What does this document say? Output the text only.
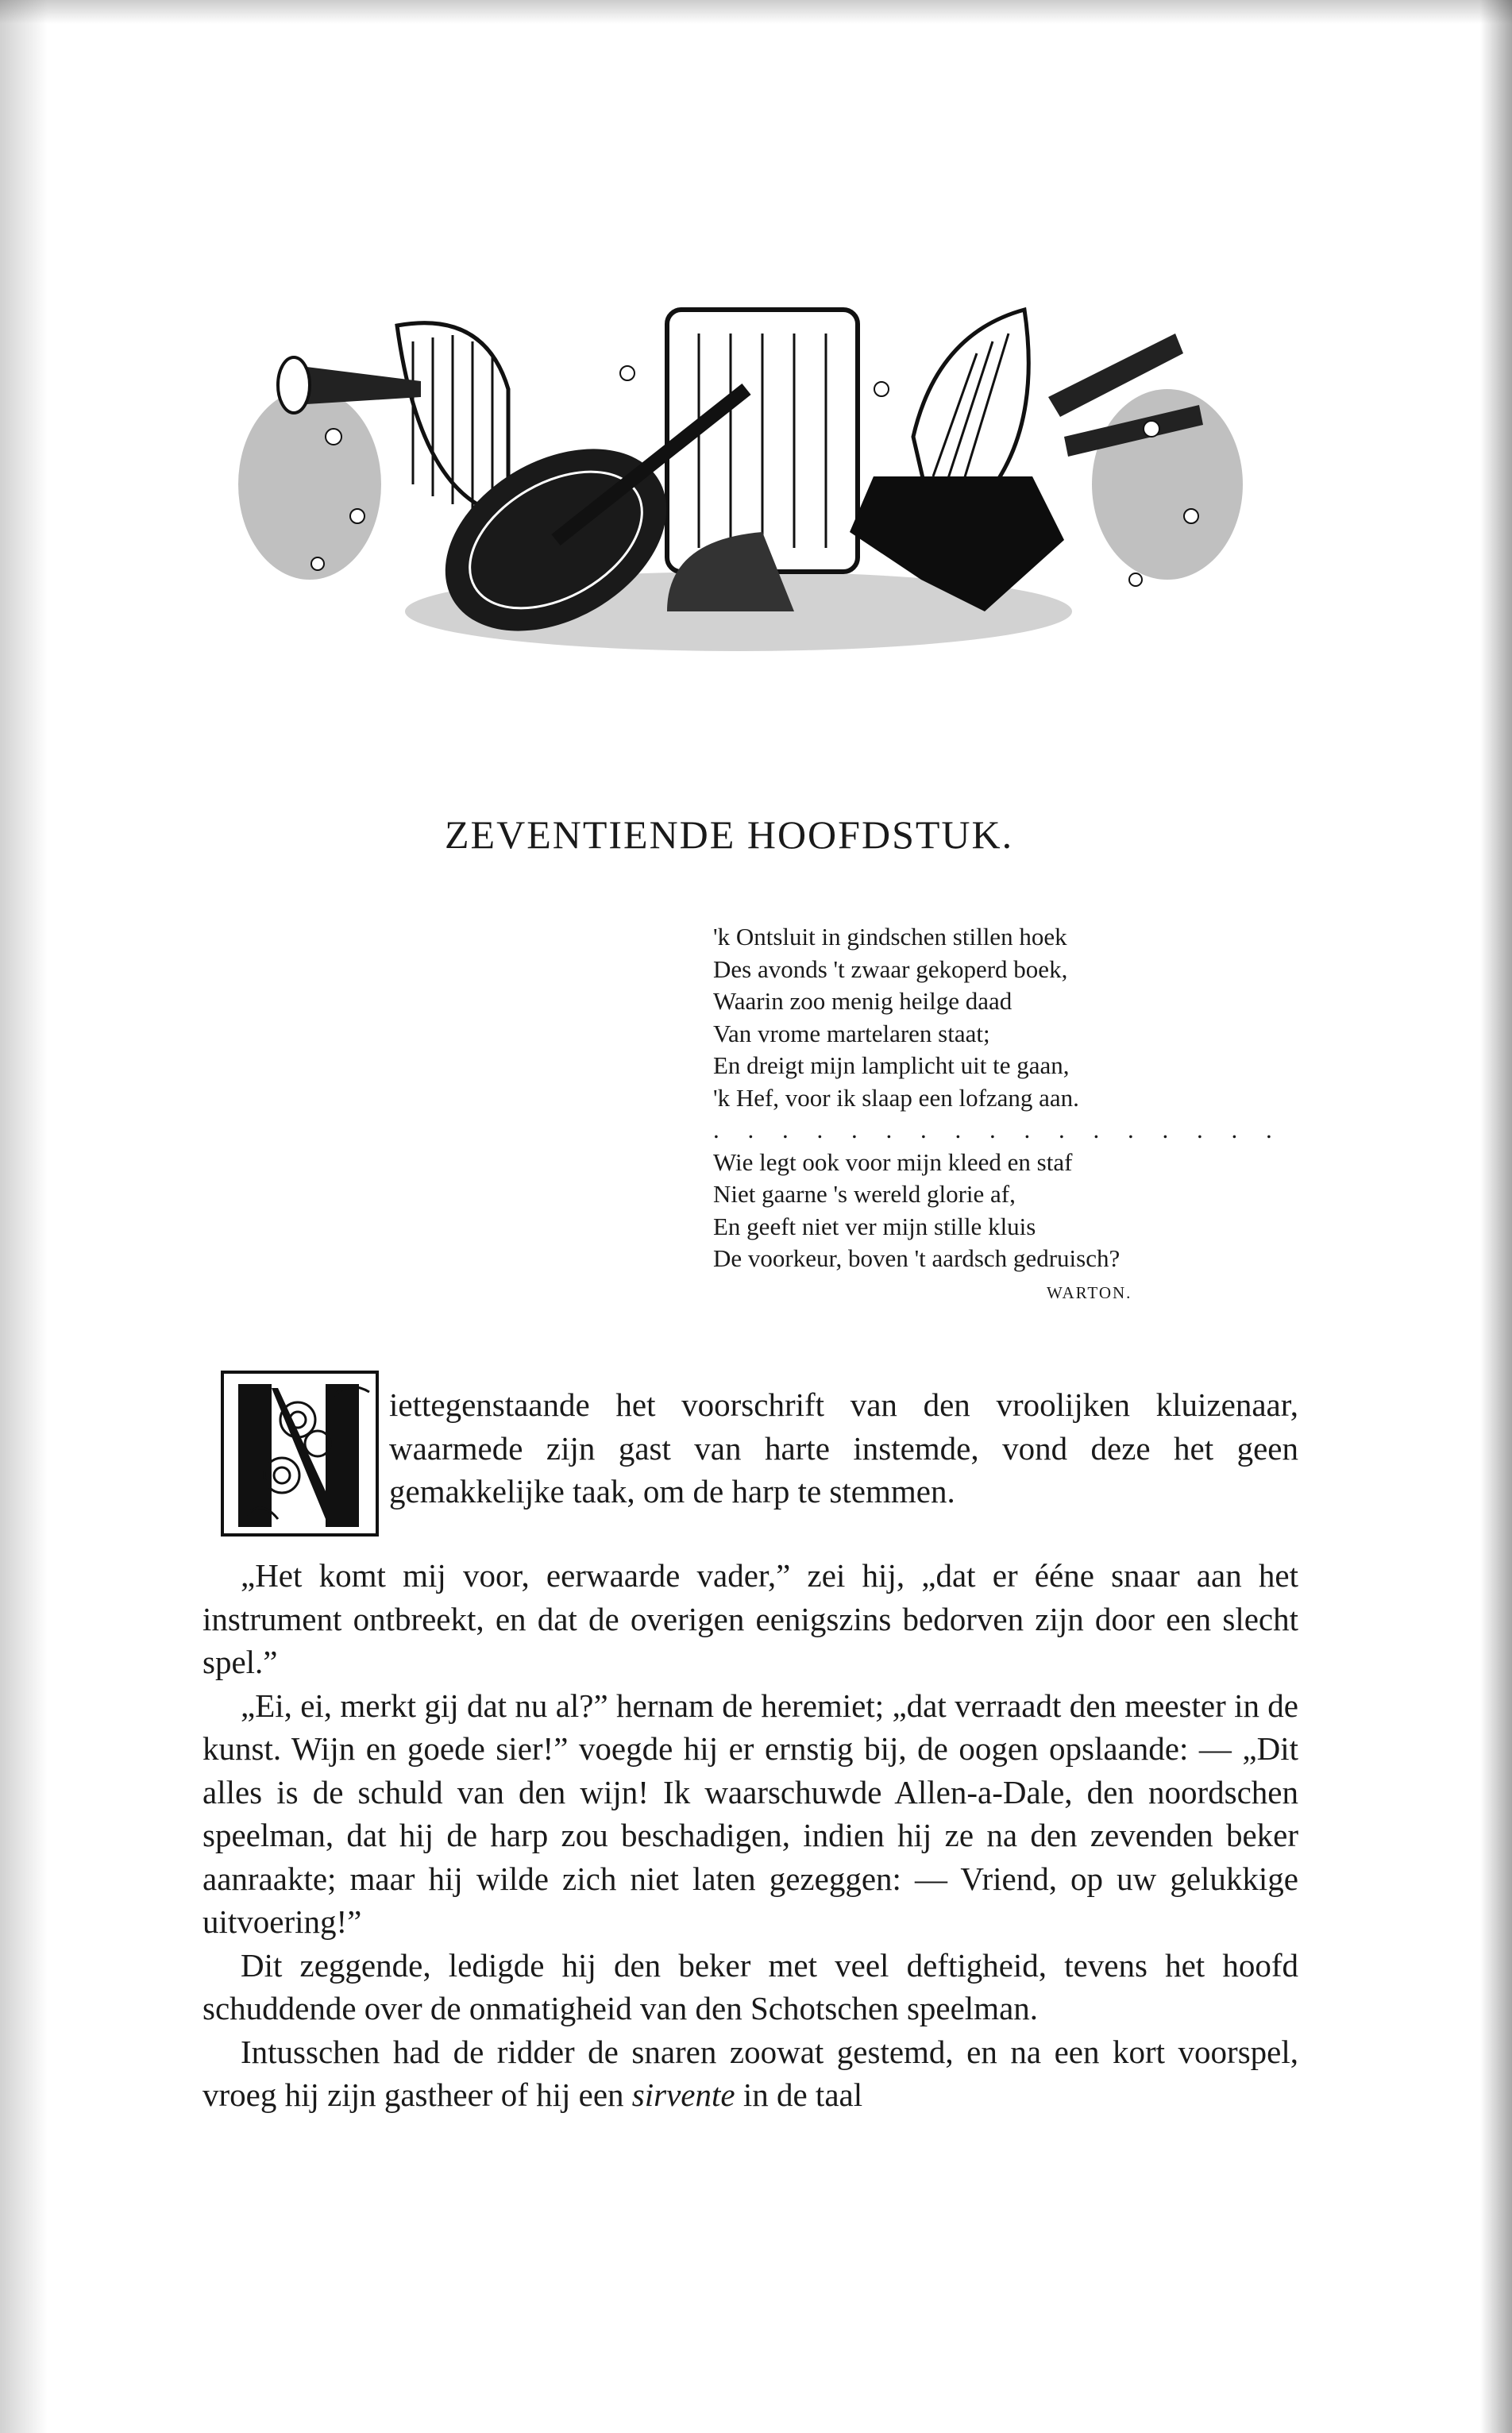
ZEVENTIENDE HOOFDSTUK.
'k Ontsluit in ginds​chen stillen hoek
Des avonds 't zwaar gekoperd boek,
Waarin zoo menig heilge daad
Van vrome martelaren staat;
En dreigt mijn lamplicht uit te gaan,
'k Hef, voor ik slaap een lofzang aan.
. . . . . . . . . . . . . . . . .
Wie legt ook voor mijn kleed en staf
Niet gaarne 's wereld glorie af,
En geeft niet ver mijn stille kluis
De voorkeur, boven 't aardsch gedruisch?
WARTON.
N

iettegenstaande het voorschrift van den vroolijken kluizenaar, waarmede zijn gast van harte instemde, vond deze het geen gemakkelijke taak, om de harp te stemmen.

„Het komt mij voor, eerwaarde vader,” zei hij, „dat er ééne snaar aan het instrument ontbreekt, en dat de overigen eenigszins bedorven zijn door een slecht spel.”

„Ei, ei, merkt gij dat nu al?” hernam de heremiet; „dat verraadt den meester in de kunst. Wijn en goede sier!” voegde hij er ernstig bij, de oogen opslaande: — „Dit alles is de schuld van den wijn! Ik waarschuwde Allen-a-Dale, den noordschen speelman, dat hij de harp zou beschadigen, indien hij ze na den zevenden beker aanraakte; maar hij wilde zich niet laten gezeggen: — Vriend, op uw gelukkige uitvoering!”

Dit zeggende, ledigde hij den beker met veel deftigheid, tevens het hoofd schuddende over de onmatigheid van den Schotschen speelman.

Intusschen had de ridder de snaren zoowat gestemd, en na een kort voorspel, vroeg hij zijn gastheer of hij een sirvente in de taal
